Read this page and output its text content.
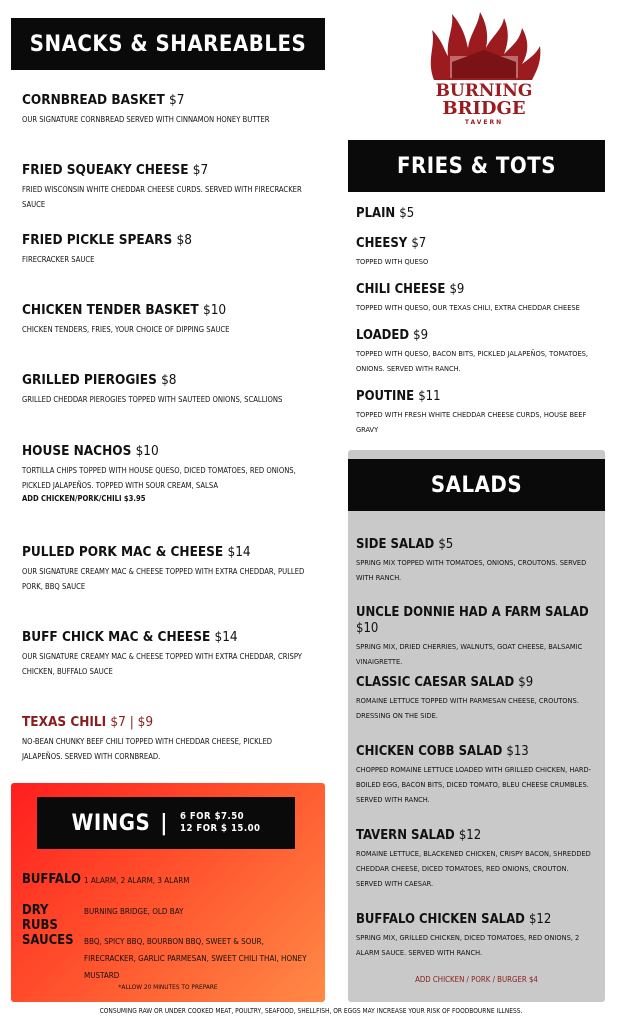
SNACKS & SHAREABLES
CORNBREAD BASKET $7
OUR SIGNATURE CORNBREAD SERVED WITH CINNAMON HONEY BUTTER
FRIED SQUEAKY CHEESE $7
FRIED WISCONSIN WHITE CHEDDAR CHEESE CURDS. SERVED WITH FIRECRACKER SAUCE
FRIED PICKLE SPEARS $8
FIRECRACKER SAUCE
CHICKEN TENDER BASKET $10
CHICKEN TENDERS, FRIES, YOUR CHOICE OF DIPPING SAUCE
GRILLED PIEROGIES $8
GRILLED CHEDDAR PIEROGIES TOPPED WITH SAUTEED ONIONS, SCALLIONS
HOUSE NACHOS $10
TORTILLA CHIPS TOPPED WITH HOUSE QUESO, DICED TOMATOES, RED ONIONS, PICKLED JALAPEÑOS. TOPPED WITH SOUR CREAM, SALSA
ADD CHICKEN/PORK/CHILI $3.95
PULLED PORK MAC & CHEESE $14
OUR SIGNATURE CREAMY MAC & CHEESE TOPPED WITH EXTRA CHEDDAR, PULLED PORK, BBQ SAUCE
BUFF CHICK MAC & CHEESE $14
OUR SIGNATURE CREAMY MAC & CHEESE TOPPED WITH EXTRA CHEDDAR, CRISPY CHICKEN, BUFFALO SAUCE
TEXAS CHILI $7 | $9
NO-BEAN CHUNKY BEEF CHILI TOPPED WITH CHEDDAR CHEESE, PICKLED JALAPEÑOS. SERVED WITH CORNBREAD.
WINGS | 6 FOR $7.50
12 FOR $ 15.00
BUFFALO 1 ALARM, 2 ALARM, 3 ALARM
DRY RUBS
BURNING BRIDGE, OLD BAY
SAUCES	BBQ, SPICY BBQ, BOURBON BBQ, SWEET & SOUR, FIRECRACKER, GARLIC PARMESAN, SWEET CHILI THAI, HONEY MUSTARD
*ALLOW 20 MINUTES TO PREPARE
BURNING
BRIDGE
TAVERN
FRIES & TOTS
PLAIN $5
CHEESY $7
TOPPED WITH QUESO
CHILI CHEESE $9
TOPPED WITH QUESO, OUR TEXAS CHILI, EXTRA CHEDDAR CHEESE
LOADED $9
TOPPED WITH QUESO, BACON BITS, PICKLED JALAPEÑOS, TOMATOES, ONIONS. SERVED WITH RANCH.
POUTINE $11
TOPPED WITH FRESH WHITE CHEDDAR CHEESE CURDS, HOUSE BEEF GRAVY
SALADS
SIDE SALAD $5
SPRING MIX TOPPED WITH TOMATOES, ONIONS, CROUTONS. SERVED WITH RANCH.
UNCLE DONNIE HAD A FARM SALAD $10
SPRING MIX, DRIED CHERRIES, WALNUTS, GOAT CHEESE, BALSAMIC VINAIGRETTE.
CLASSIC CAESAR SALAD $9
ROMAINE LETTUCE TOPPED WITH PARMESAN CHEESE, CROUTONS. DRESSING ON THE SIDE.
CHICKEN COBB SALAD $13
CHOPPED ROMAINE LETTUCE LOADED WITH GRILLED CHICKEN, HARD-BOILED EGG, BACON BITS, DICED TOMATO, BLEU CHEESE CRUMBLES. SERVED WITH RANCH.
TAVERN SALAD $12
ROMAINE LETTUCE, BLACKENED CHICKEN, CRISPY BACON, SHREDDED CHEDDAR CHEESE, DICED TOMATOES, RED ONIONS, CROUTON. SERVED WITH CAESAR.
BUFFALO CHICKEN SALAD $12
SPRING MIX, GRILLED CHICKEN, DICED TOMATOES, RED ONIONS, 2 ALARM SAUCE. SERVED WITH RANCH.
ADD CHICKEN / PORK / BURGER $4
CONSUMING RAW OR UNDER COOKED MEAT, POULTRY, SEAFOOD, SHELLFISH, OR EGGS MAY INCREASE YOUR RISK OF FOODBOURNE ILLNESS.
